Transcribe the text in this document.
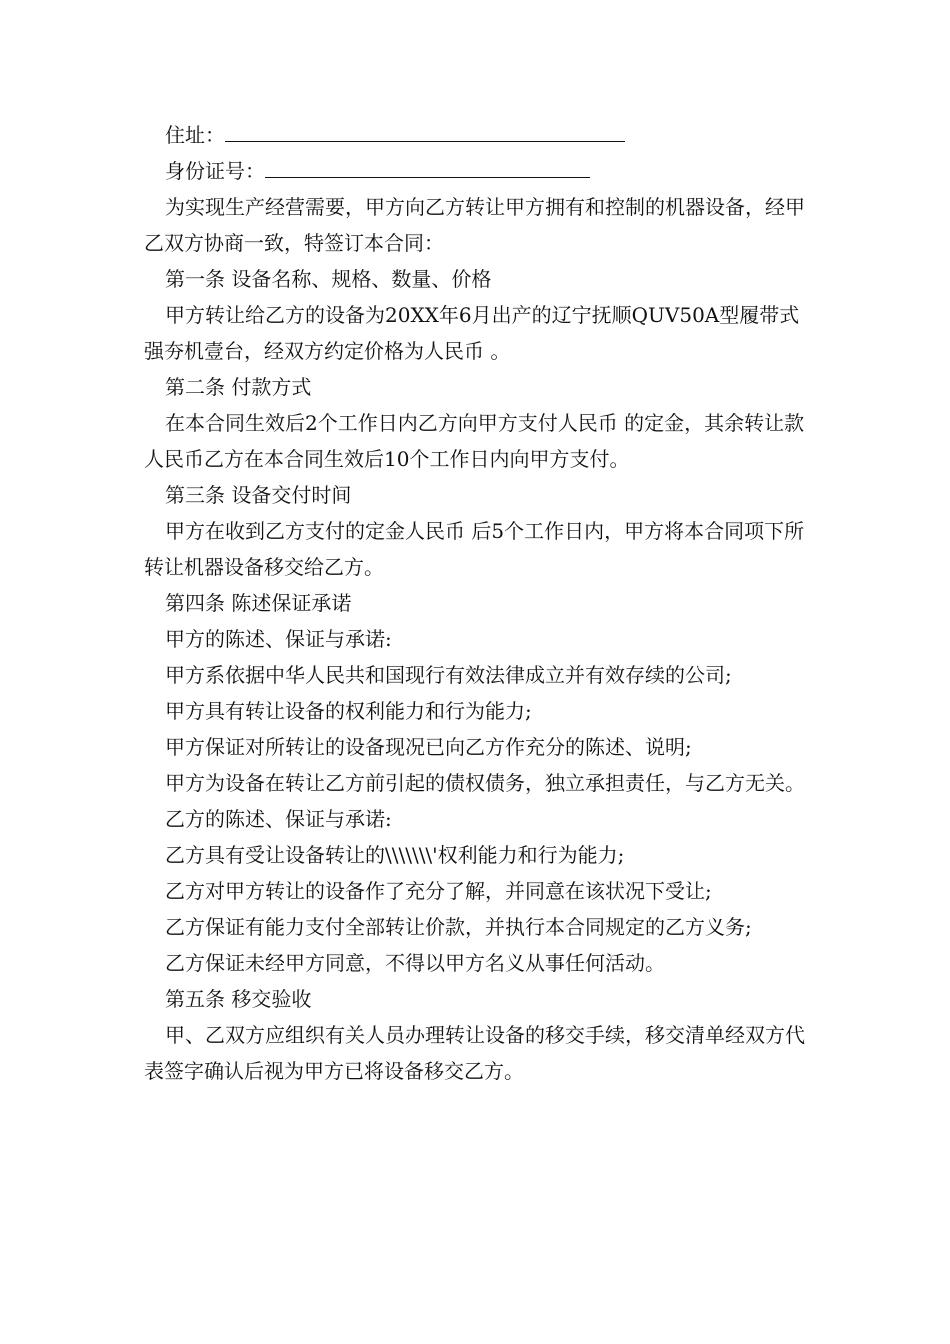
住址：
身份证号：

为实现生产经营需要，甲方向乙方转让甲方拥有和控制的机器设备，经甲乙双方协商一致，特签订本合同：

第一条 设备名称、规格、数量、价格

甲方转让给乙方的设备为20XX年6月出产的辽宁抚顺QUV50A型履带式强夯机壹台，经双方约定价格为人民币 。

第二条 付款方式

在本合同生效后2个工作日内乙方向甲方支付人民币 的定金，其余转让款人民币乙方在本合同生效后10个工作日内向甲方支付。

第三条 设备交付时间

甲方在收到乙方支付的定金人民币 后5个工作日内，甲方将本合同项下所转让机器设备移交给乙方。

第四条 陈述保证承诺

甲方的陈述、保证与承诺:

甲方系依据中华人民共和国现行有效法律成立并有效存续的公司;

甲方具有转让设备的权利能力和行为能力;

甲方保证对所转让的设备现况已向乙方作充分的陈述、说明;

甲方为设备在转让乙方前引起的债权债务，独立承担责任，与乙方无关。

乙方的陈述、保证与承诺:

乙方具有受让设备转让的\\\\\\\'权利能力和行为能力;

乙方对甲方转让的设备作了充分了解，并同意在该状况下受让;

乙方保证有能力支付全部转让价款，并执行本合同规定的乙方义务;

乙方保证未经甲方同意，不得以甲方名义从事任何活动。

第五条 移交验收

甲、乙双方应组织有关人员办理转让设备的移交手续，移交清单经双方代表签字确认后视为甲方已将设备移交乙方。
